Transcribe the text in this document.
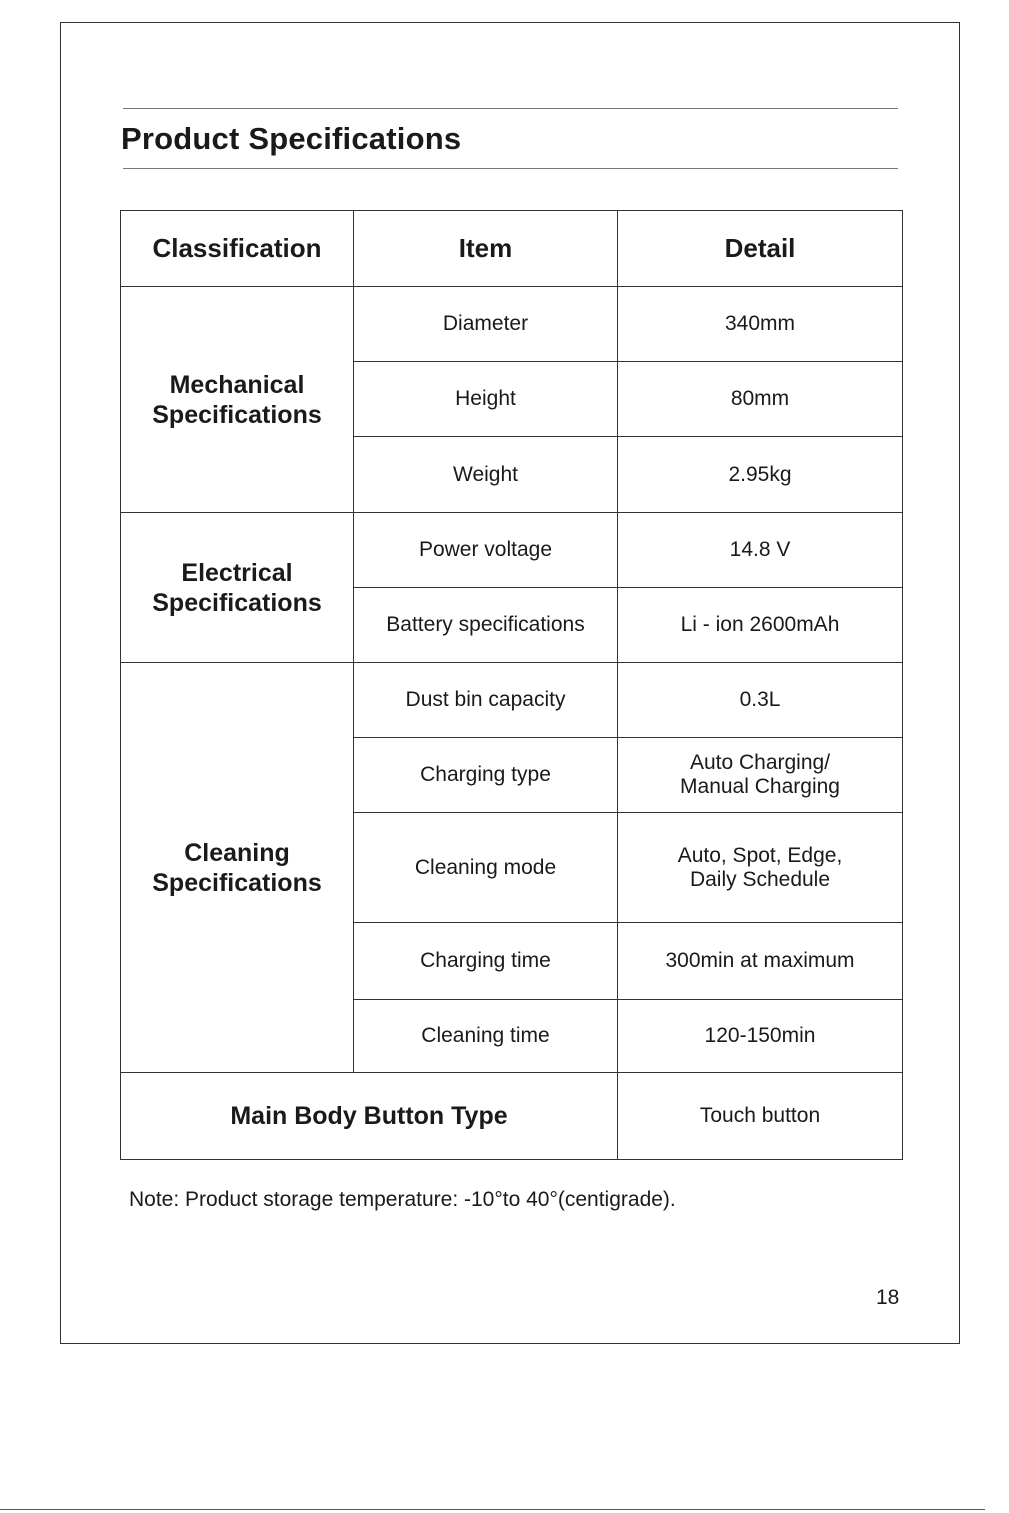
Product Specifications
Classification	Item	Detail
Mechanical
Specifications	Diameter	340mm
	Height	80mm
	Weight	2.95kg
Electrical
Specifications	Power voltage	14.8 V
	Battery specifications	Li - ion 2600mAh
Cleaning
Specifications	Dust bin capacity	0.3L
	Charging type	Auto Charging/
Manual Charging
	Cleaning mode	Auto, Spot, Edge,
Daily Schedule
	Charging time	300min at maximum
	Cleaning time	120-150min
Main Body Button Type		Touch button
Note: Product storage temperature: -10°to 40°(centigrade).
18
